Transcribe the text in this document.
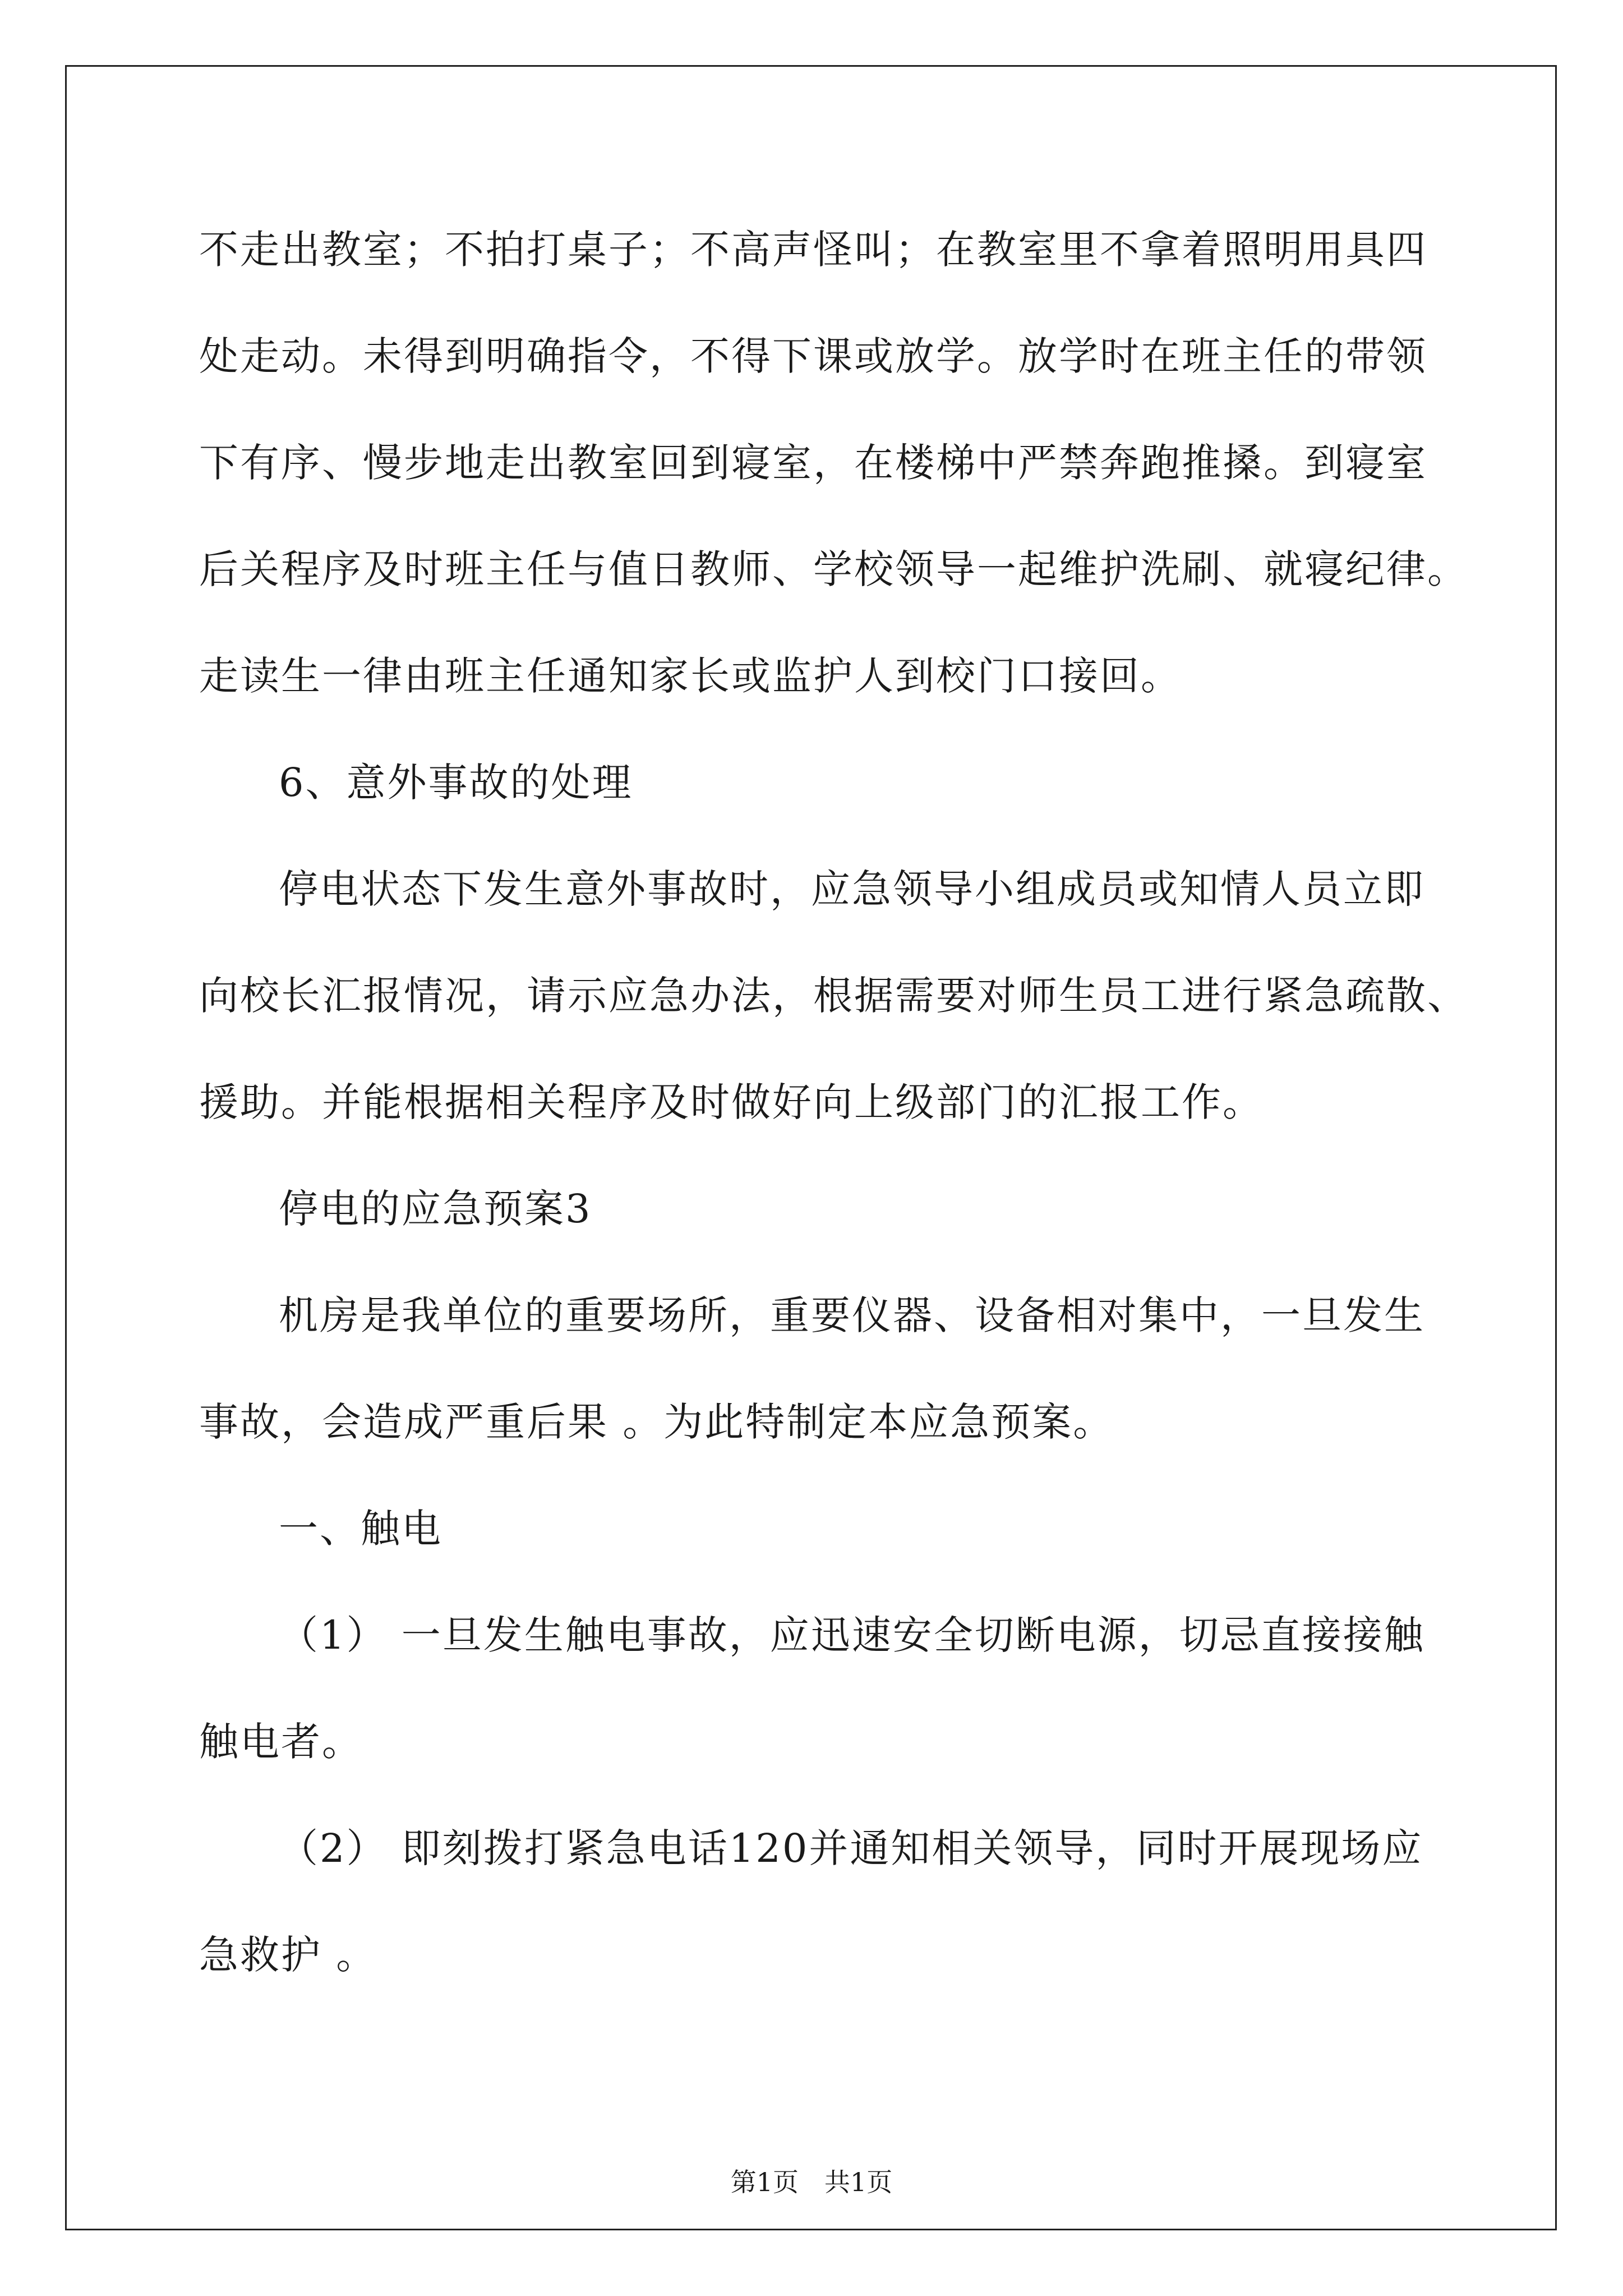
不走出教室；不拍打桌子；不高声怪叫；在教室里不拿着照明用具四
处走动。未得到明确指令，不得下课或放学。放学时在班主任的带领
下有序、慢步地走出教室回到寝室，在楼梯中严禁奔跑推搡。到寝室
后关程序及时班主任与值日教师、学校领导一起维护洗刷、就寝纪律。
走读生一律由班主任通知家长或监护人到校门口接回。
6、意外事故的处理
停电状态下发生意外事故时，应急领导小组成员或知情人员立即
向校长汇报情况，请示应急办法，根据需要对师生员工进行紧急疏散、
援助。并能根据相关程序及时做好向上级部门的汇报工作。
停电的应急预案3
机房是我单位的重要场所，重要仪器、设备相对集中，一旦发生
事故，会造成严重后果 。为此特制定本应急预案。
一、触电
（1） 一旦发生触电事故，应迅速安全切断电源，切忌直接接触
触电者。
（2） 即刻拨打紧急电话120并通知相关领导，同时开展现场应
急救护 。
第1页　共1页
